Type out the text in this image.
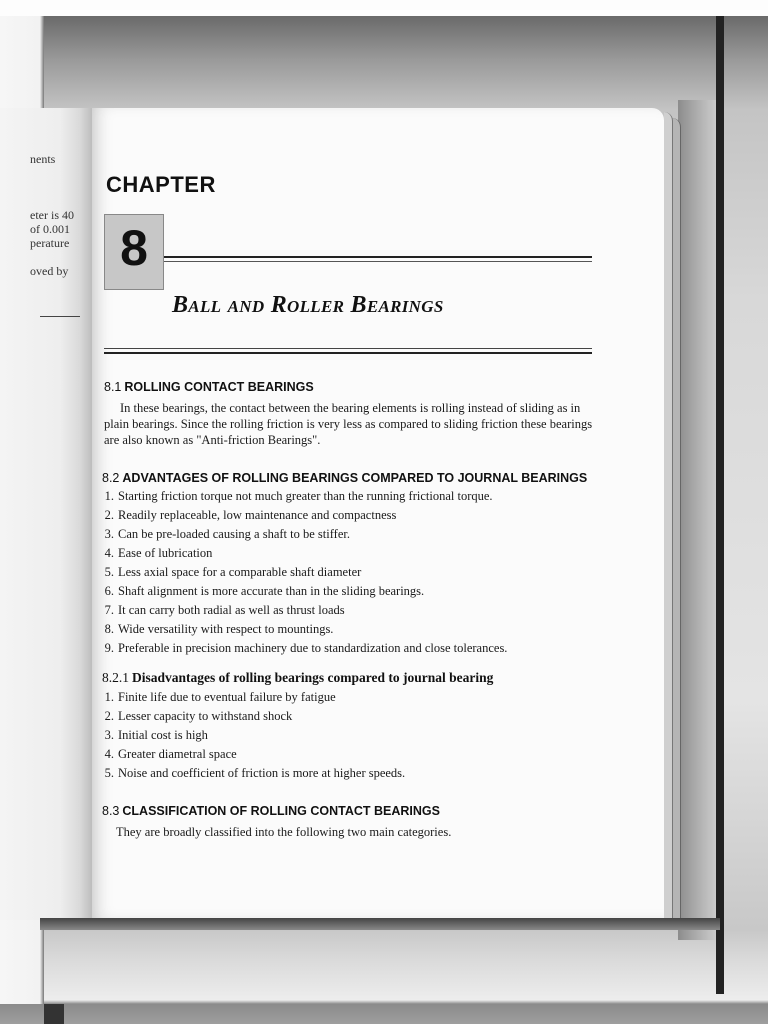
nents
eter is 40
of 0.001
perature
oved by
CHAPTER
8
Ball and Roller Bearings
8.1 ROLLING CONTACT BEARINGS
In these bearings, the contact between the bearing elements is rolling instead of sliding as in
plain bearings. Since the rolling friction is very less as compared to sliding friction these bearings
are also known as "Anti-friction Bearings".
8.2 ADVANTAGES OF ROLLING BEARINGS COMPARED TO JOURNAL BEARINGS
1. Starting friction torque not much greater than the running frictional torque.
2. Readily replaceable, low maintenance and compactness
3. Can be pre-loaded causing a shaft to be stiffer.
4. Ease of lubrication
5. Less axial space for a comparable shaft diameter
6. Shaft alignment is more accurate than in the sliding bearings.
7. It can carry both radial as well as thrust loads
8. Wide versatility with respect to mountings.
9. Preferable in precision machinery due to standardization and close tolerances.
8.2.1 Disadvantages of rolling bearings compared to journal bearing
1. Finite life due to eventual failure by fatigue
2. Lesser capacity to withstand shock
3. Initial cost is high
4. Greater diametral space
5. Noise and coefficient of friction is more at higher speeds.
8.3 CLASSIFICATION OF ROLLING CONTACT BEARINGS
They are broadly classified into the following two main categories.
